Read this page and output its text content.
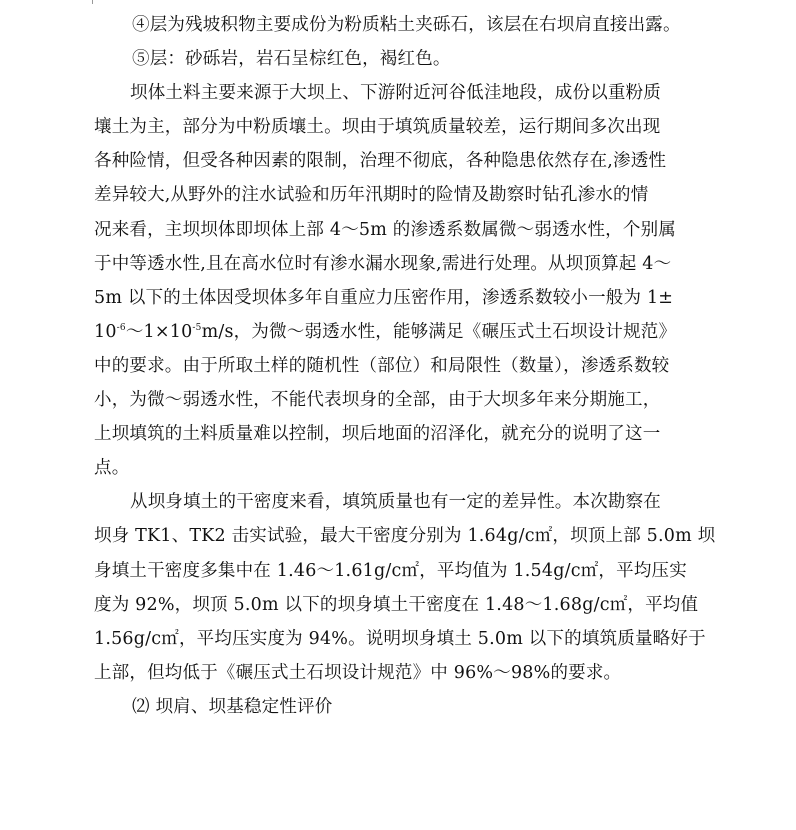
④层为残坡积物主要成份为粉质粘土夹砾石，该层在右坝肩直接出露。
⑤层：砂砾岩，岩石呈棕红色，褐红色。
坝体土料主要来源于大坝上、下游附近河谷低洼地段，成份以重粉质
壤土为主，部分为中粉质壤土。坝由于填筑质量较差，运行期间多次出现
各种险情，但受各种因素的限制，治理不彻底，各种隐患依然存在,渗透性
差异较大,从野外的注水试验和历年汛期时的险情及勘察时钻孔渗水的情
况来看，主坝坝体即坝体上部 4～5m 的渗透系数属微～弱透水性，个别属
于中等透水性,且在高水位时有渗水漏水现象,需进行处理。从坝顶算起 4～
5m 以下的土体因受坝体多年自重应力压密作用，渗透系数较小一般为 1±
$10^{-6}\sim 1\times 10^{-5}m/s$，为微～弱透水性，能够满足《碾压式土石坝设计规范》
中的要求。由于所取土样的随机性（部位）和局限性（数量），渗透系数较
小，为微～弱透水性，不能代表坝身的全部，由于大坝多年来分期施工，
上坝填筑的土料质量难以控制，坝后地面的沼泽化，就充分的说明了这一
点。
从坝身填土的干密度来看，填筑质量也有一定的差异性。本次勘察在
坝身 TK1、TK2 击实试验，最大干密度分别为 1.64g/c㎡，坝顶上部 5.0m 坝
身填土干密度多集中在 1.46～1.61g/c㎡，平均值为 1.54g/c㎡，平均压实
度为 92%，坝顶 5.0m 以下的坝身填土干密度在 1.48～1.68g/c㎡，平均值
1.56g/c㎡，平均压实度为 94%。说明坝身填土 5.0m 以下的填筑质量略好于
上部，但均低于《碾压式土石坝设计规范》中 96%～98%的要求。
⑵ 坝肩、坝基稳定性评价
